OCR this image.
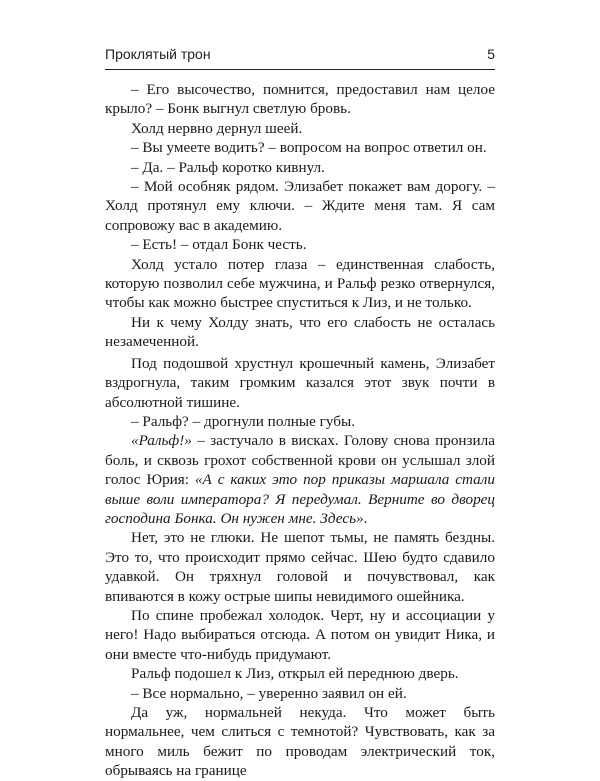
Проклятый трон	5

– Его высочество, помнится, предоставил нам целое крыло? – Бонк выгнул светлую бровь.

Холд нервно дернул шеей.

– Вы умеете водить? – вопросом на вопрос ответил он.

– Да. – Ральф коротко кивнул.

– Мой особняк рядом. Элизабет покажет вам дорогу. – Холд протянул ему ключи. – Ждите меня там. Я сам сопровожу вас в академию.

– Есть! – отдал Бонк честь.

Холд устало потер глаза – единственная слабость, которую позволил себе мужчина, и Ральф резко отвернулся, чтобы как можно быстрее спуститься к Лиз, и не только.

Ни к чему Холду знать, что его слабость не осталась незамеченной.

Под подошвой хрустнул крошечный камень, Элизабет вздрогнула, таким громким казался этот звук почти в абсолютной тишине.

– Ральф? – дрогнули полные губы.

«Ральф!» – застучало в висках. Голову снова пронзила боль, и сквозь грохот собственной крови он услышал злой голос Юрия: «А с каких это пор приказы маршала стали выше воли императора? Я передумал. Верните во дворец господина Бонка. Он нужен мне. Здесь».

Нет, это не глюки. Не шепот тьмы, не память бездны. Это то, что происходит прямо сейчас. Шею будто сдавило удавкой. Он тряхнул головой и почувствовал, как впиваются в кожу острые шипы невидимого ошейника.

По спине пробежал холодок. Черт, ну и ассоциации у него! Надо выбираться отсюда. А потом он увидит Ника, и они вместе что-нибудь придумают.

Ральф подошел к Лиз, открыл ей переднюю дверь.

– Все нормально, – уверенно заявил он ей.

Да уж, нормальней некуда. Что может быть нормальнее, чем слиться с темнотой? Чувствовать, как за много миль бежит по проводам электрический ток, обрываясь на границе
